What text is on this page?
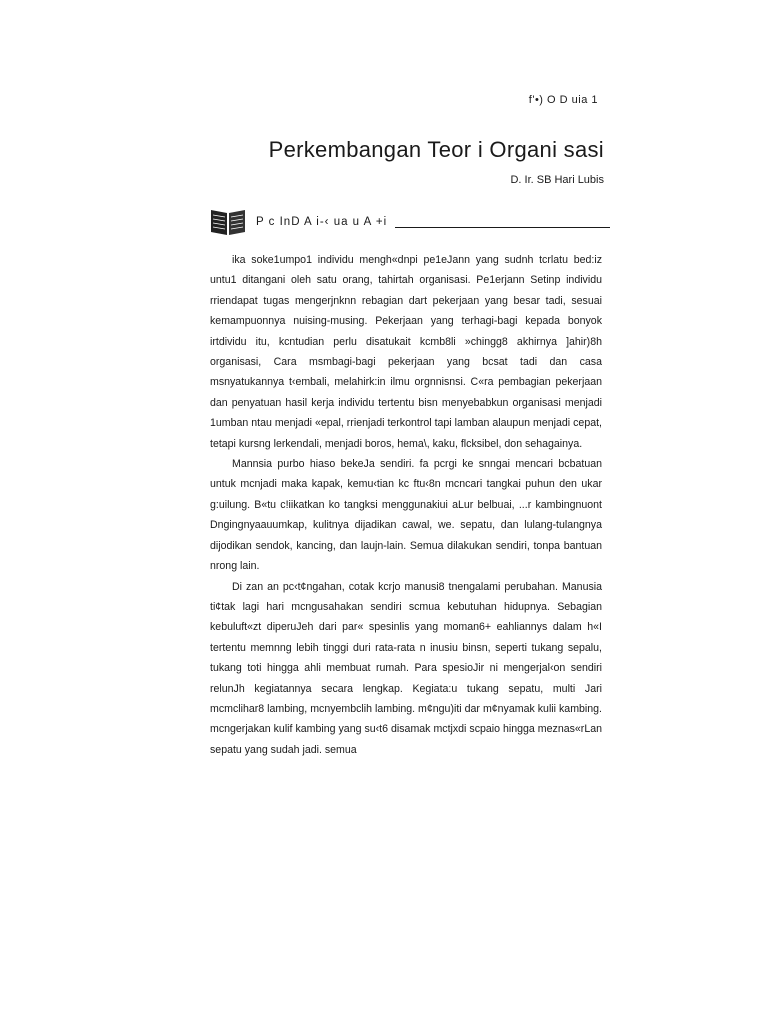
f'•) O D uia 1
Perkembangan Teor i Organi sasi
D. Ir. SB Hari Lubis
P c InD A i-‹ ua u A +i

ika soke1umpo1 individu mengh«dnpi pe1eJann yang sudnh tcrlatu bed:iz untu1 ditangani oleh satu orang, tahirtah organisasi. Pe1erjann Setinp individu rriendapat tugas mengerjnknn rebagian dart pekerjaan yang besar tadi, sesuai kemampuonnya nuising-musing. Pekerjaan yang terhagi-bagi kepada bonyok irtdividu itu, kcntudian perlu disatukait kcmb8li »chingg8 akhirnya ]ahir)8h organisasi, Cara msmbagi-bagi pekerjaan yang bcsat tadi dan casa msnyatukannya t‹embali, melahirk:in ilmu orgnnisnsi. C«ra pembagian pekerjaan dan penyatuan hasil kerja individu tertentu bisn menyebabkun organisasi menjadi 1umban ntau menjadi «epal, rrienjadi terkontrol tapi lamban alaupun menjadi cepat, tetapi kursng lerkendali, menjadi boros, hema\, kaku, flcksibel, don sehagainya.

Mannsia purbo hiaso bekeJa sendiri. fa pcrgi ke snngai mencari bcbatuan untuk mcnjadi maka kapak, kemu‹tian kc ftu‹8n mcncari tangkai puhun den ukar g:uilung. B«tu c!iikatkan ko tangksi menggunakiui aLur belbuai, ...r kambingnuont Dngingnyaauumkap, kulitnya dijadikan cawal, we. sepatu, dan lulang-tulangnya dijodikan sendok, kancing, dan laujn-lain. Semua dilakukan sendiri, tonpa bantuan nrong lain.

Di zan an pc‹t¢ngahan, cotak kcrjo manusi8 tnengalami perubahan. Manusia ti¢tak lagi hari mcngusahakan sendiri scmua kebutuhan hidupnya. Sebagian kebuluft«zt diperuJeh dari par« spesinlis yang moman6+ eahliannys dalam h«I tertentu memnng lebih tinggi duri rata-rata n inusiu binsn, seperti tukang sepalu, tukang toti hingga ahli membuat rumah. Para spesioJir ni mengerjal‹on sendiri relunJh kegiatannya secara lengkap. Kegiata:u tukang sepatu, multi Jari mcmclihar8 lambing, mcnyembclih lambing. m¢ngu)iti dar m¢nyamak kulii kambing. mcngerjakan kulif kambing yang su‹t6 disamak mctjxdi scpaio hingga meznas«rLan sepatu yang sudah jadi. semua
